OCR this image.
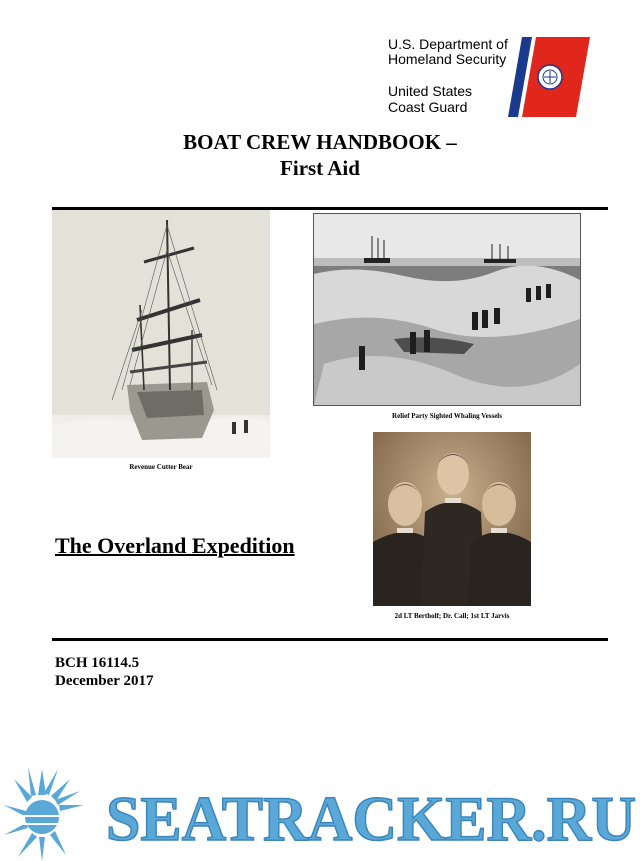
U.S. Department of
Homeland Security
United States
Coast Guard
BOAT CREW HANDBOOK –
First Aid
Revenue Cutter Bear
Relief Party Sighted Whaling Vessels
2d LT Bertholf; Dr. Call; 1st LT Jarvis
The Overland Expedition
BCH 16114.5
December 2017
SEATRACKER.RU
